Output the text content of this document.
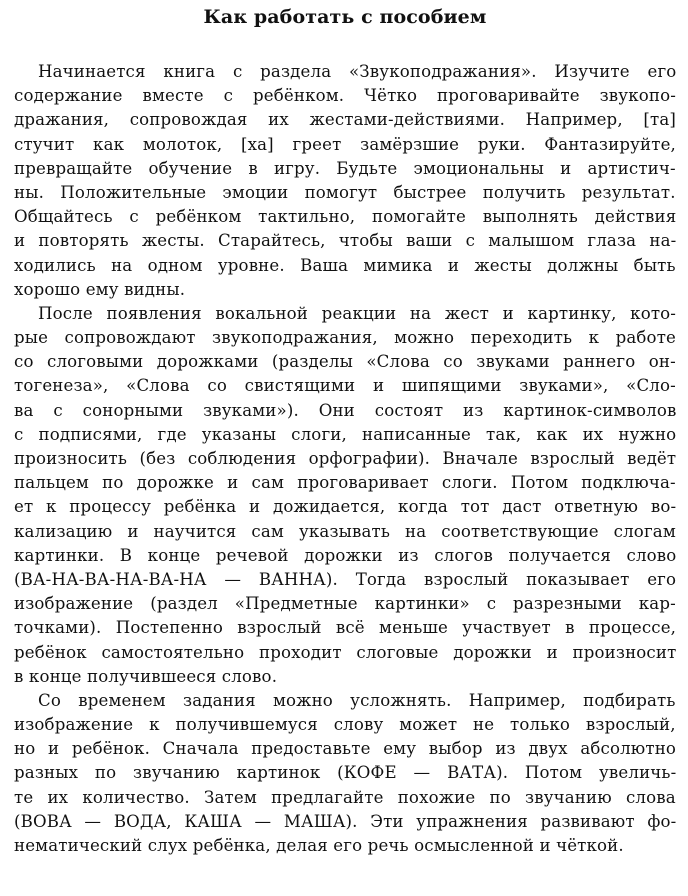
Как работать с пособием

Начинается книга с раздела «Звукоподражания». Изучите его
содержание вместе с ребёнком. Чётко проговаривайте звукопо-
дражания, сопровождая их жестами-действиями. Например, [та]
стучит как молоток, [ха] греет замёрзшие руки. Фантазируйте,
превращайте обучение в игру. Будьте эмоциональны и артистич-
ны. Положительные эмоции помогут быстрее получить результат.
Общайтесь с ребёнком тактильно, помогайте выполнять действия
и повторять жесты. Старайтесь, чтобы ваши с малышом глаза на-
ходились на одном уровне. Ваша мимика и жесты должны быть
хорошо ему видны.

После появления вокальной реакции на жест и картинку, кото-
рые сопровождают звукоподражания, можно переходить к работе
со слоговыми дорожками (разделы «Слова со звуками раннего он-
тогенеза», «Слова со свистящими и шипящими звуками», «Сло-
ва с сонорными звуками»). Они состоят из картинок-символов
с подписями, где указаны слоги, написанные так, как их нужно
произносить (без соблюдения орфографии). Вначале взрослый ведёт
пальцем по дорожке и сам проговаривает слоги. Потом подключа-
ет к процессу ребёнка и дожидается, когда тот даст ответную во-
кализацию и научится сам указывать на соответствующие слогам
картинки. В конце речевой дорожки из слогов получается слово
(ВА-НА-ВА-НА-ВА-НА — ВАННА). Тогда взрослый показывает его
изображение (раздел «Предметные картинки» с разрезными кар-
точками). Постепенно взрослый всё меньше участвует в процессе,
ребёнок самостоятельно проходит слоговые дорожки и произносит
в конце получившееся слово.

Со временем задания можно усложнять. Например, подбирать
изображение к получившемуся слову может не только взрослый,
но и ребёнок. Сначала предоставьте ему выбор из двух абсолютно
разных по звучанию картинок (КОФЕ — ВАТА). Потом увеличь-
те их количество. Затем предлагайте похожие по звучанию слова
(ВОВА — ВОДА, КАША — МАША). Эти упражнения развивают фо-
нематический слух ребёнка, делая его речь осмысленной и чёткой.
